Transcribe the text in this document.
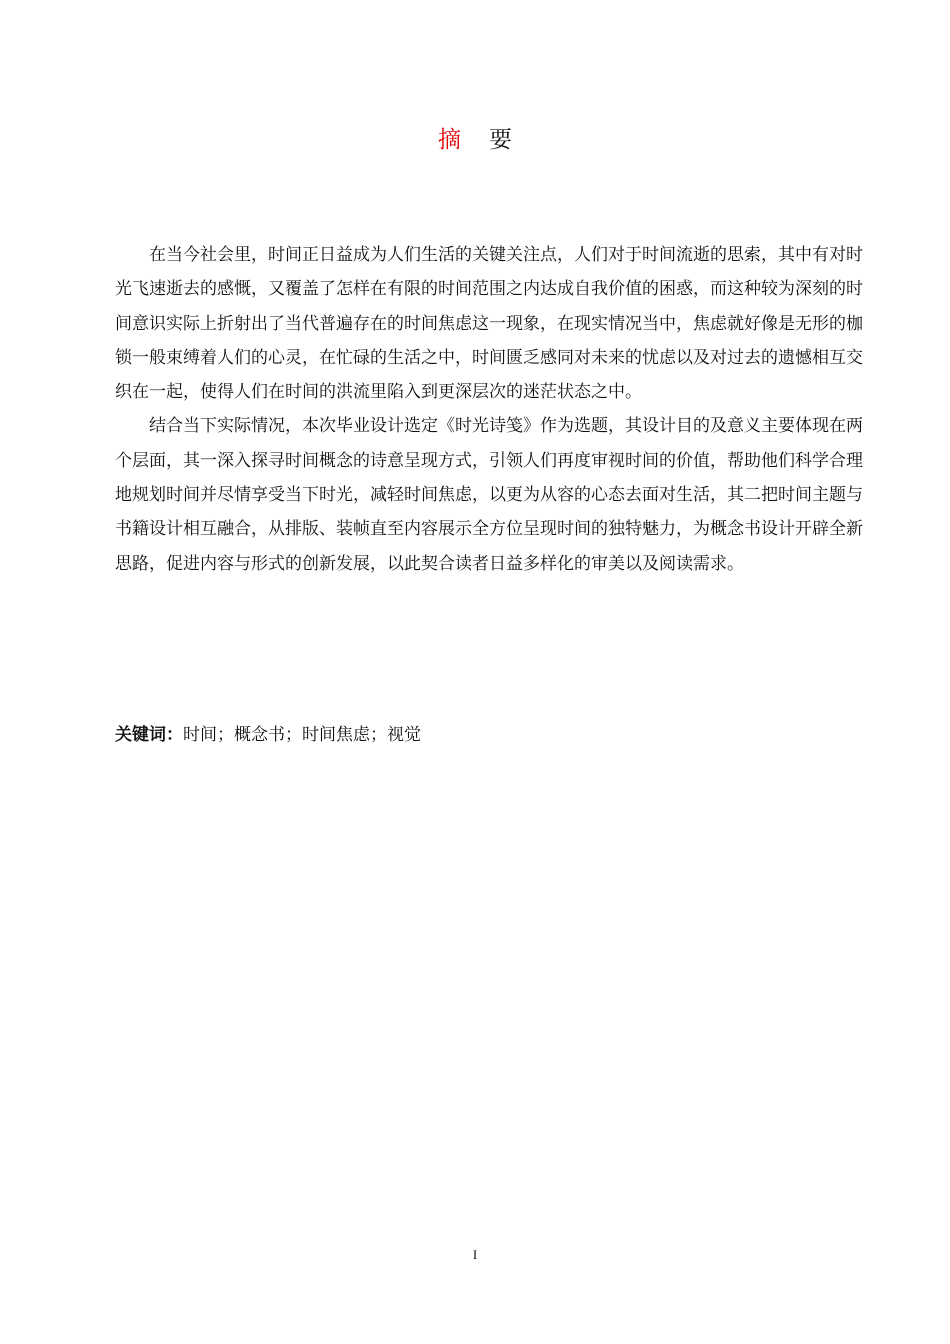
摘 要

在当今社会里，时间正日益成为人们生活的关键关注点，人们对于时间流逝的思索，其中有对时光飞速逝去的感慨，又覆盖了怎样在有限的时间范围之内达成自我价值的困惑，而这种较为深刻的时间意识实际上折射出了当代普遍存在的时间焦虑这一现象，在现实情况当中，焦虑就好像是无形的枷锁一般束缚着人们的心灵，在忙碌的生活之中，时间匮乏感同对未来的忧虑以及对过去的遗憾相互交织在一起，使得人们在时间的洪流里陷入到更深层次的迷茫状态之中。

结合当下实际情况，本次毕业设计选定《时光诗笺》作为选题，其设计目的及意义主要体现在两个层面，其一深入探寻时间概念的诗意呈现方式，引领人们再度审视时间的价值，帮助他们科学合理地规划时间并尽情享受当下时光，减轻时间焦虑，以更为从容的心态去面对生活，其二把时间主题与书籍设计相互融合，从排版、装帧直至内容展示全方位呈现时间的独特魅力，为概念书设计开辟全新思路，促进内容与形式的创新发展，以此契合读者日益多样化的审美以及阅读需求。

关键词：时间；概念书；时间焦虑；视觉
I
